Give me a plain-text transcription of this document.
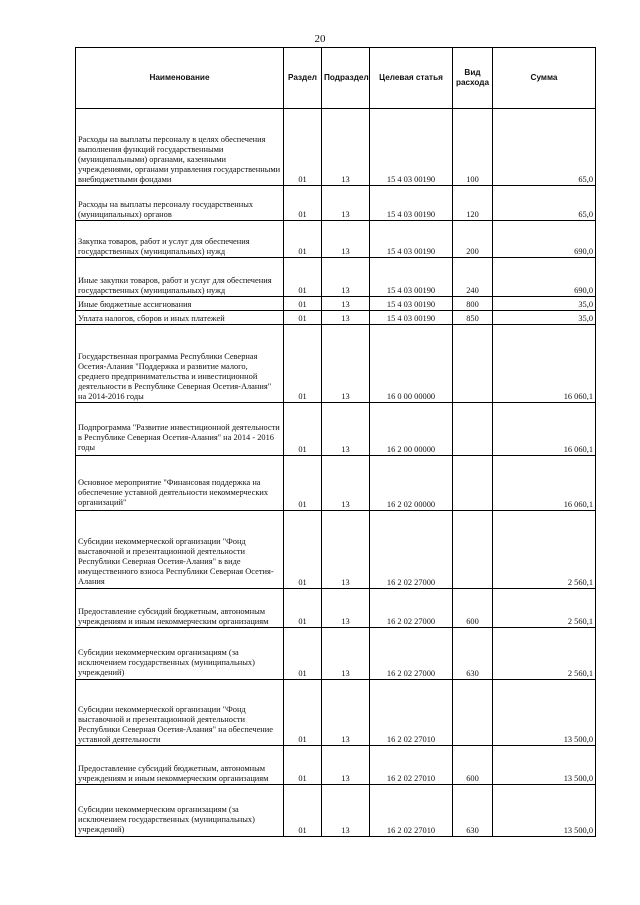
20
Наименование	Раздел	Подраздел	Целевая статья	Вид расхода	Сумма
Расходы на выплаты персоналу в целях обеспечения выполнения функций государственными (муниципальными) органами, казенными учреждениями, органами управления государственными внебюджетными фондами	01	13	15 4 03 00190	100	65,0
Расходы на выплаты персоналу государственных (муниципальных) органов	01	13	15 4 03 00190	120	65,0
Закупка товаров, работ и услуг для обеспечения государственных (муниципальных) нужд	01	13	15 4 03 00190	200	690,0
Иные закупки товаров, работ и услуг для обеспечения государственных (муниципальных) нужд	01	13	15 4 03 00190	240	690,0
Иные бюджетные ассигнования	01	13	15 4 03 00190	800	35,0
Уплата налогов, сборов и иных платежей	01	13	15 4 03 00190	850	35,0
Государственная программа Республики Северная Осетия-Алания "Поддержка и развитие малого, среднего предпринимательства и инвестиционной деятельности в Республике Северная Осетия-Алания" на 2014-2016 годы	01	13	16 0 00 00000		16 060,1
Подпрограмма "Развитие инвестиционной деятельности в Республике Северная Осетия-Алания" на 2014 - 2016 годы	01	13	16 2 00 00000		16 060,1
Основное мероприятие "Финансовая поддержка на обеспечение уставной деятельности некоммерческих организаций"	01	13	16 2 02 00000		16 060,1
Субсидии некоммерческой организации "Фонд выставочной и презентационной деятельности Республики Северная Осетия-Алания" в виде имущественного взноса Республики Северная Осетия-Алания	01	13	16 2 02 27000		2 560,1
Предоставление субсидий бюджетным, автономным учреждениям и иным некоммерческим организациям	01	13	16 2 02 27000	600	2 560,1
Субсидии некоммерческим организациям (за исключением государственных (муниципальных) учреждений)	01	13	16 2 02 27000	630	2 560,1
Субсидии некоммерческой организации "Фонд выставочной и презентационной деятельности Республики Северная Осетия-Алания" на обеспечение уставной деятельности	01	13	16 2 02 27010		13 500,0
Предоставление субсидий бюджетным, автономным учреждениям и иным некоммерческим организациям	01	13	16 2 02 27010	600	13 500,0
Субсидии некоммерческим организациям (за исключением государственных (муниципальных) учреждений)	01	13	16 2 02 27010	630	13 500,0
